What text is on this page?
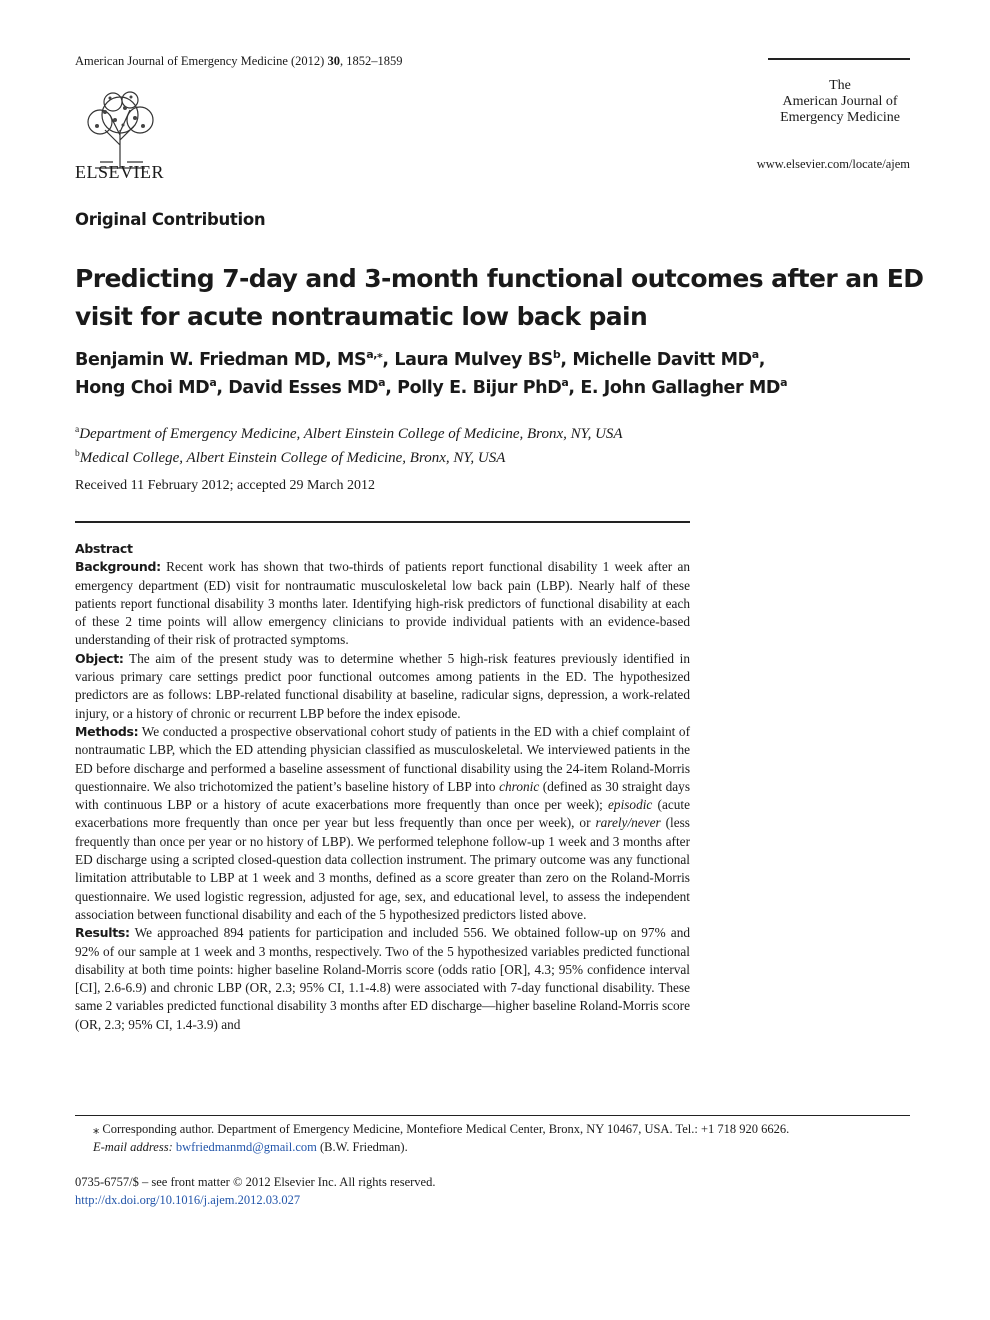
American Journal of Emergency Medicine (2012) 30, 1852–1859
ELSEVIER
The
American Journal of
Emergency Medicine
www.elsevier.com/locate/ajem
Original Contribution
Predicting 7-day and 3-month functional outcomes after an ED visit for acute nontraumatic low back pain
Benjamin W. Friedman MD, $MS^{a,⁎}$, Laura Mulvey $BS^b$, Michelle Davitt $MD^a$,
Hong Choi $MD^a$, David Esses $MD^a$, Polly E. Bijur PhD$^a$, E. John Gallagher $MD^a$
$^a$Department of Emergency Medicine, Albert Einstein College of Medicine, Bronx, NY, USA
$^b$Medical College, Albert Einstein College of Medicine, Bronx, NY, USA
Received 11 February 2012; accepted 29 March 2012
Abstract

Background: Recent work has shown that two-thirds of patients report functional disability 1 week after an emergency department (ED) visit for nontraumatic musculoskeletal low back pain (LBP). Nearly half of these patients report functional disability 3 months later. Identifying high-risk predictors of functional disability at each of these 2 time points will allow emergency clinicians to provide individual patients with an evidence-based understanding of their risk of protracted symptoms.

Object: The aim of the present study was to determine whether 5 high-risk features previously identified in various primary care settings predict poor functional outcomes among patients in the ED. The hypothesized predictors are as follows: LBP-related functional disability at baseline, radicular signs, depression, a work-related injury, or a history of chronic or recurrent LBP before the index episode.

Methods: We conducted a prospective observational cohort study of patients in the ED with a chief complaint of nontraumatic LBP, which the ED attending physician classified as musculoskeletal. We interviewed patients in the ED before discharge and performed a baseline assessment of functional disability using the 24-item Roland-Morris questionnaire. We also trichotomized the patient’s baseline history of LBP into chronic (defined as 30 straight days with continuous LBP or a history of acute exacerbations more frequently than once per week); episodic (acute exacerbations more frequently than once per year but less frequently than once per week), or rarely/never (less frequently than once per year or no history of LBP). We performed telephone follow-up 1 week and 3 months after ED discharge using a scripted closed-question data collection instrument. The primary outcome was any functional limitation attributable to LBP at 1 week and 3 months, defined as a score greater than zero on the Roland-Morris questionnaire. We used logistic regression, adjusted for age, sex, and educational level, to assess the independent association between functional disability and each of the 5 hypothesized predictors listed above.

Results: We approached 894 patients for participation and included 556. We obtained follow-up on 97% and 92% of our sample at 1 week and 3 months, respectively. Two of the 5 hypothesized variables predicted functional disability at both time points: higher baseline Roland-Morris score (odds ratio [OR], 4.3; 95% confidence interval [CI], 2.6-6.9) and chronic LBP (OR, 2.3; 95% CI, 1.1-4.8) were associated with 7-day functional disability. These same 2 variables predicted functional disability 3 months after ED discharge—higher baseline Roland-Morris score (OR, 2.3; 95% CI, 1.4-3.9) and

⁎ Corresponding author. Department of Emergency Medicine, Montefiore Medical Center, Bronx, NY 10467, USA. Tel.: +1 718 920 6626.
E-mail address: bwfriedmanmd@gmail.com (B.W. Friedman).
0735-6757/$ – see front matter © 2012 Elsevier Inc. All rights reserved.
http://dx.doi.org/10.1016/j.ajem.2012.03.027
